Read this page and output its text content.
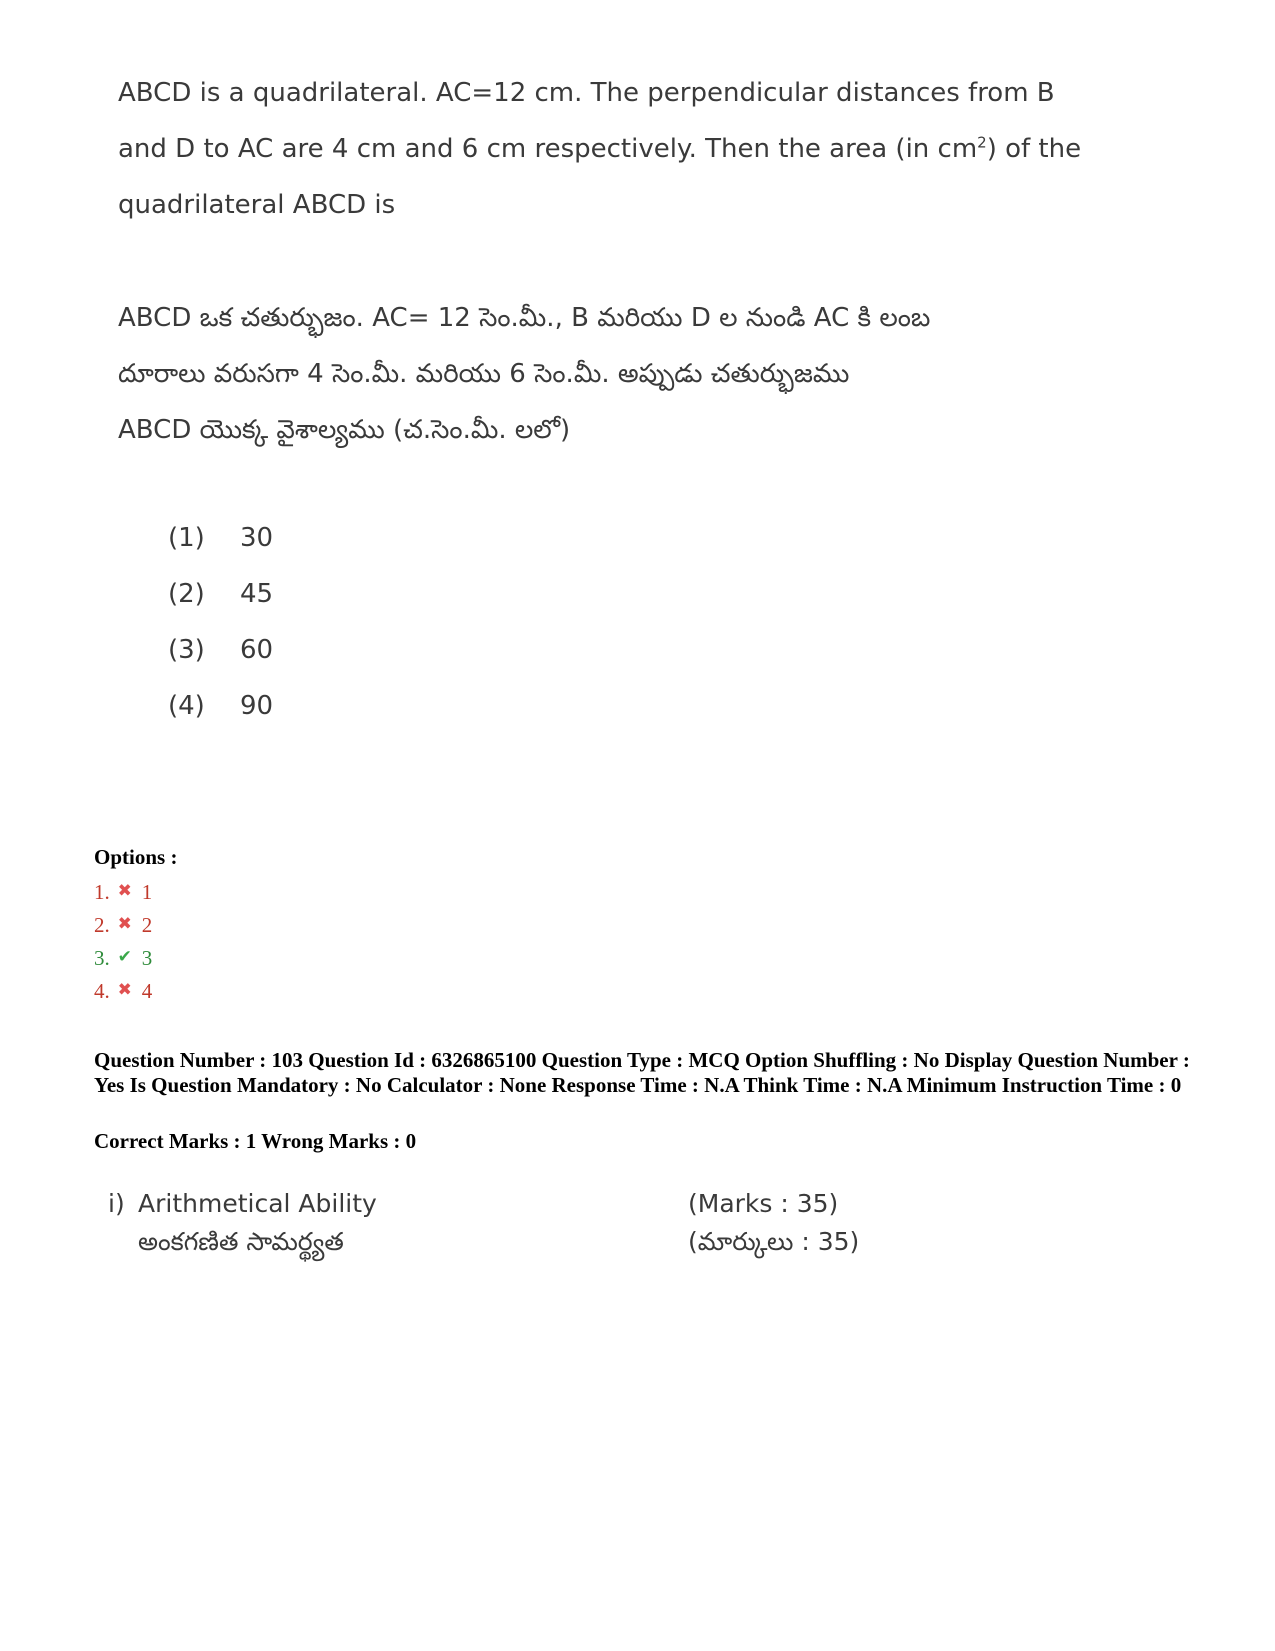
ABCD is a quadrilateral. AC=12 cm. The perpendicular distances from B
and D to AC are 4 cm and 6 cm respectively. Then the area (in $cm^2$) of the
quadrilateral ABCD is
ABCD ఒక చతుర్భుజం. AC= 12 సెం.మీ., B మరియు D ల నుండి AC కి లంబ
దూరాలు వరుసగా 4 సెం.మీ. మరియు 6 సెం.మీ. అప్పుడు చతుర్భుజము
ABCD యొక్క వైశాల్యము (చ.సెం.మీ. లలో)
(1)	30
(2)	45
(3)	60
(4)	90
Options :
1. ✖ 1
2. ✖ 2
3. ✔ 3
4. ✖ 4
Question Number : 103 Question Id : 6326865100 Question Type : MCQ Option Shuffling : No Display Question Number : Yes Is Question Mandatory : No Calculator : None Response Time : N.A Think Time : N.A Minimum Instruction Time : 0
Correct Marks : 1 Wrong Marks : 0
i) Arithmetical Ability	(Marks : 35)
అంకగణిత సామర్థ్యత	(మార్కులు : 35)
